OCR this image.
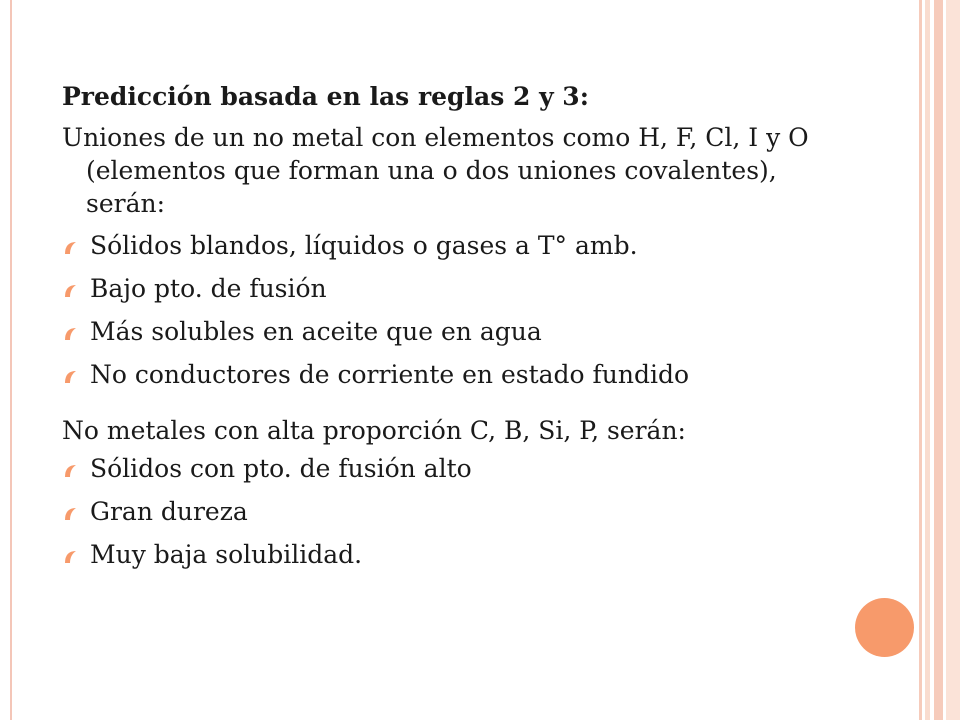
Predicción basada en las reglas 2 y 3:

Uniones de un no metal con elementos como H, F, Cl, I y O (elementos que forman una o dos uniones covalentes), serán:

Sólidos blandos, líquidos o gases a T° amb.
Bajo pto. de fusión
Más solubles en aceite que en agua
No conductores de corriente en estado fundido

No metales con alta proporción C, B, Si, P, serán:

Sólidos con pto. de fusión alto
Gran dureza
Muy baja solubilidad.
